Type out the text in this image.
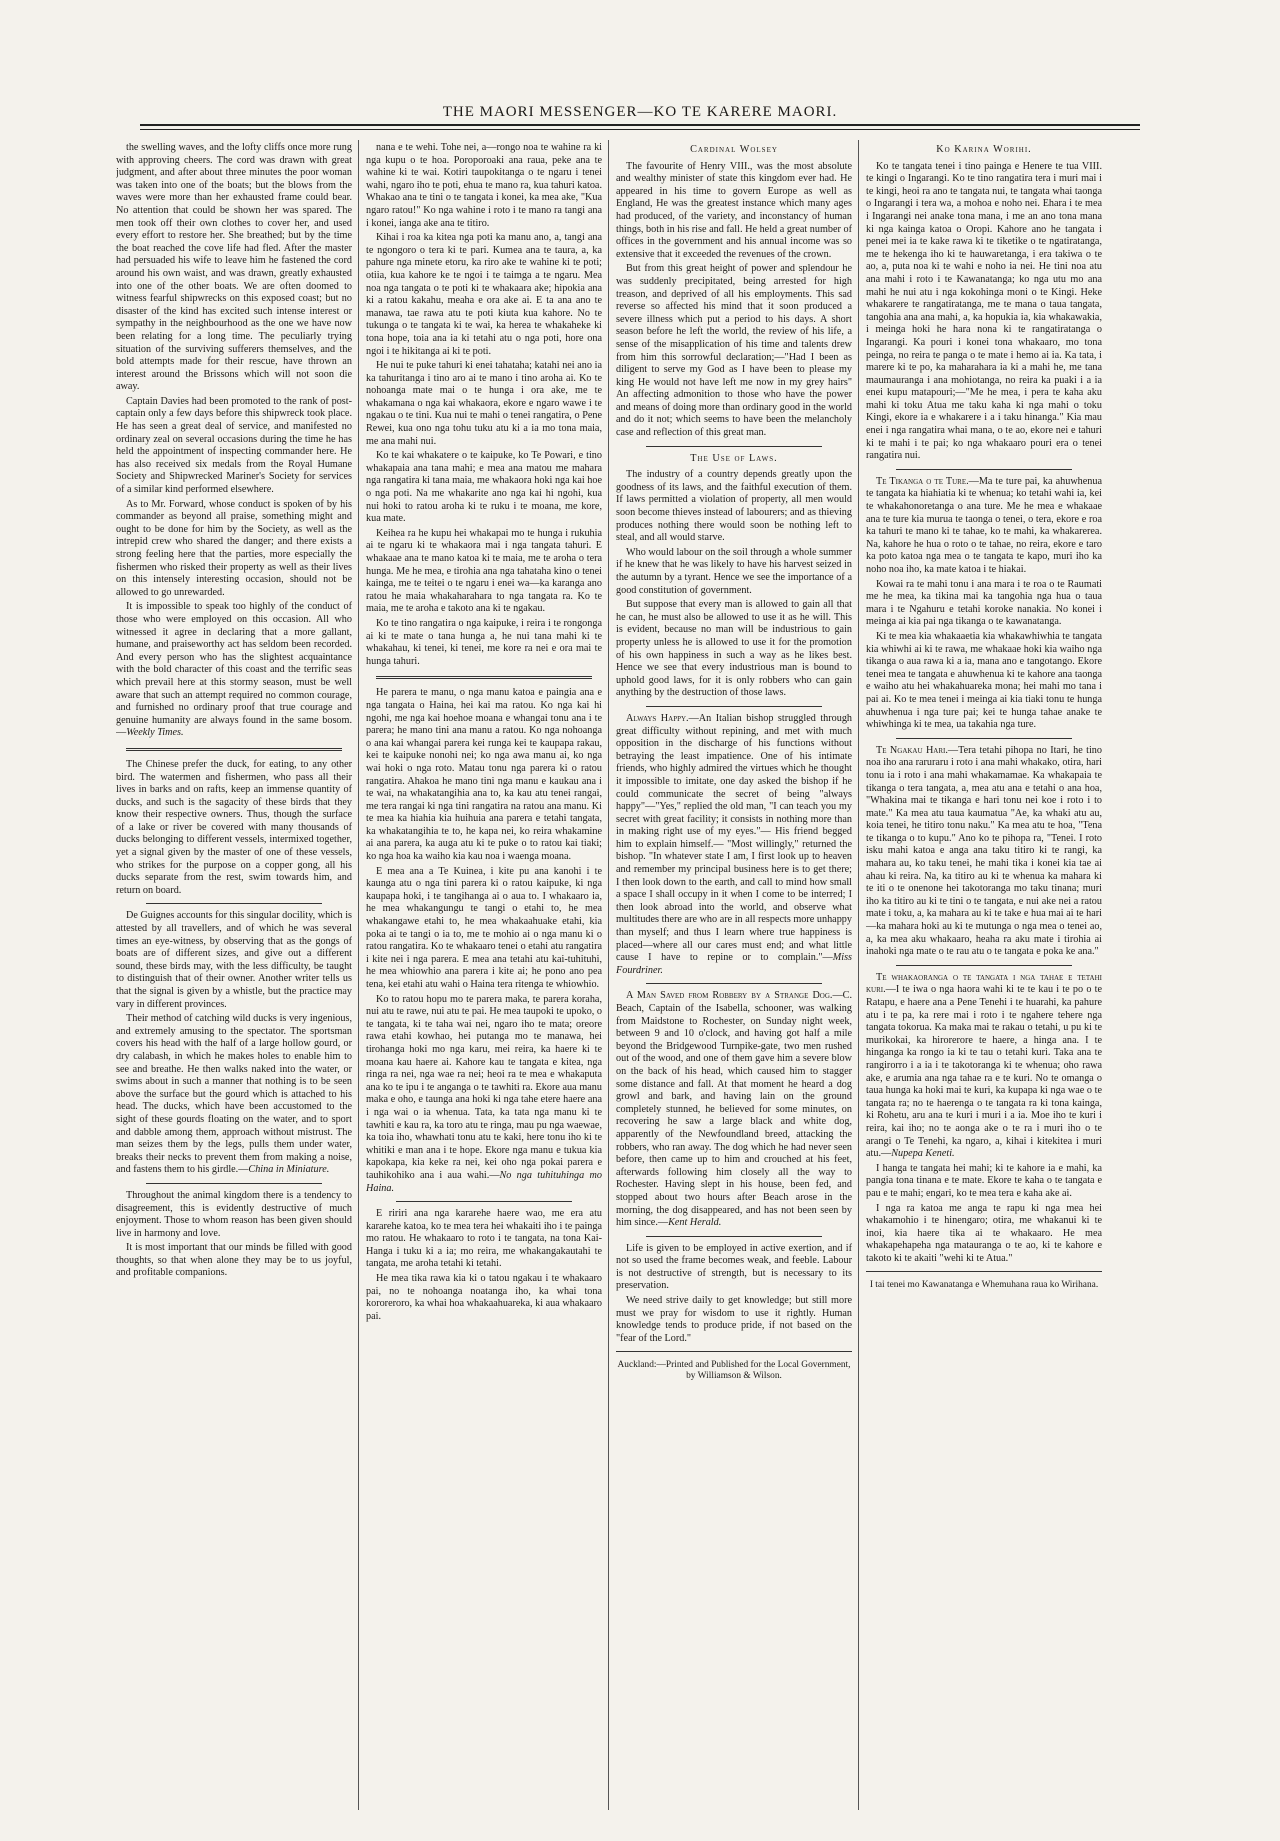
THE MAORI MESSENGER—KO TE KARERE MAORI.

the swelling waves, and the lofty cliffs once more rung with approving cheers. The cord was drawn with great judgment, and after about three minutes the poor woman was taken into one of the boats; but the blows from the waves were more than her exhausted frame could bear. No attention that could be shown her was spared. The men took off their own clothes to cover her, and used every effort to restore her. She breathed; but by the time the boat reached the cove life had fled. After the master had persuaded his wife to leave him he fastened the cord around his own waist, and was drawn, greatly exhausted into one of the other boats. We are often doomed to witness fearful shipwrecks on this exposed coast; but no disaster of the kind has excited such intense interest or sympathy in the neighbourhood as the one we have now been relating for a long time. The peculiarly trying situation of the surviving sufferers themselves, and the bold attempts made for their rescue, have thrown an interest around the Brissons which will not soon die away.

Captain Davies had been promoted to the rank of post-captain only a few days before this shipwreck took place. He has seen a great deal of service, and manifested no ordinary zeal on several occasions during the time he has held the appointment of inspecting commander here. He has also received six medals from the Royal Humane Society and Shipwrecked Mariner's Society for services of a similar kind performed elsewhere.

As to Mr. Forward, whose conduct is spoken of by his commander as beyond all praise, something might and ought to be done for him by the Society, as well as the intrepid crew who shared the danger; and there exists a strong feeling here that the parties, more especially the fishermen who risked their property as well as their lives on this intensely interesting occasion, should not be allowed to go unrewarded.

It is impossible to speak too highly of the conduct of those who were employed on this occasion. All who witnessed it agree in declaring that a more gallant, humane, and praiseworthy act has seldom been recorded. And every person who has the slightest acquaintance with the bold character of this coast and the terrific seas which prevail here at this stormy season, must be well aware that such an attempt required no common courage, and furnished no ordinary proof that true courage and genuine humanity are always found in the same bosom.—Weekly Times.

The Chinese prefer the duck, for eating, to any other bird. The watermen and fishermen, who pass all their lives in barks and on rafts, keep an immense quantity of ducks, and such is the sagacity of these birds that they know their respective owners. Thus, though the surface of a lake or river be covered with many thousands of ducks belonging to different vessels, intermixed together, yet a signal given by the master of one of these vessels, who strikes for the purpose on a copper gong, all his ducks separate from the rest, swim towards him, and return on board.

De Guignes accounts for this singular docility, which is attested by all travellers, and of which he was several times an eye-witness, by observing that as the gongs of boats are of different sizes, and give out a different sound, these birds may, with the less difficulty, be taught to distinguish that of their owner. Another writer tells us that the signal is given by a whistle, but the practice may vary in different provinces.

Their method of catching wild ducks is very ingenious, and extremely amusing to the spectator. The sportsman covers his head with the half of a large hollow gourd, or dry calabash, in which he makes holes to enable him to see and breathe. He then walks naked into the water, or swims about in such a manner that nothing is to be seen above the surface but the gourd which is attached to his head. The ducks, which have been accustomed to the sight of these gourds floating on the water, and to sport and dabble among them, approach without mistrust. The man seizes them by the legs, pulls them under water, breaks their necks to prevent them from making a noise, and fastens them to his girdle.—China in Miniature.

Throughout the animal kingdom there is a tendency to disagreement, this is evidently destructive of much enjoyment. Those to whom reason has been given should live in harmony and love.

It is most important that our minds be filled with good thoughts, so that when alone they may be to us joyful, and profitable companions.

nana e te wehi. Tohe nei, a—rongo noa te wahine ra ki nga kupu o te hoa. Poroporoaki ana raua, peke ana te wahine ki te wai. Kotiri taupokitanga o te ngaru i tenei wahi, ngaro iho te poti, ehua te mano ra, kua tahuri katoa. Whakao ana te tini o te tangata i konei, ka mea ake, "Kua ngaro ratou!" Ko nga wahine i roto i te mano ra tangi ana i konei, ianga ake ana te titiro.

Kihai i roa ka kitea nga poti ka manu ano, a, tangi ana te ngongoro o tera ki te pari. Kumea ana te taura, a, ka pahure nga minete etoru, ka riro ake te wahine ki te poti; otiia, kua kahore ke te ngoi i te taimga a te ngaru. Mea noa nga tangata o te poti ki te whakaara ake; hipokia ana ki a ratou kakahu, meaha e ora ake ai. E ta ana ano te manawa, tae rawa atu te poti kiuta kua kahore. No te tukunga o te tangata ki te wai, ka herea te whakaheke ki tona hope, toia ana ia ki tetahi atu o nga poti, hore ona ngoi i te hikitanga ai ki te poti.

He nui te puke tahuri ki enei tahataha; katahi nei ano ia ka tahuritanga i tino aro ai te mano i tino aroha ai. Ko te nohoanga mate mai o te hunga i ora ake, me te whakamana o nga kai whakaora, ekore e ngaro wawe i te ngakau o te tini. Kua nui te mahi o tenei rangatira, o Pene Rewei, kua ono nga tohu tuku atu ki a ia mo tona maia, me ana mahi nui.

Ko te kai whakatere o te kaipuke, ko Te Powari, e tino whakapaia ana tana mahi; e mea ana matou me mahara nga rangatira ki tana maia, me whakaora hoki nga kai hoe o nga poti. Na me whakarite ano nga kai hi ngohi, kua nui hoki to ratou aroha ki te ruku i te moana, me kore, kua mate.

Keihea ra he kupu hei whakapai mo te hunga i rukuhia ai te ngaru ki te whakaora mai i nga tangata tahuri. E whakaae ana te mano katoa ki te maia, me te aroha o tera hunga. Me he mea, e tirohia ana nga tahataha kino o tenei kainga, me te teitei o te ngaru i enei wa—ka karanga ano ratou he maia whakaharahara to nga tangata ra. Ko te maia, me te aroha e takoto ana ki te ngakau.

Ko te tino rangatira o nga kaipuke, i reira i te rongonga ai ki te mate o tana hunga a, he nui tana mahi ki te whakahau, ki tenei, ki tenei, me kore ra nei e ora mai te hunga tahuri.

He parera te manu, o nga manu katoa e paingia ana e nga tangata o Haina, hei kai ma ratou. Ko nga kai hi ngohi, me nga kai hoehoe moana e whangai tonu ana i te parera; he mano tini ana manu a ratou. Ko nga nohoanga o ana kai whangai parera kei runga kei te kaupapa rakau, kei te kaipuke nonohi nei; ko nga awa manu ai, ko nga wai hoki o nga roto. Matau tonu nga parera ki o ratou rangatira. Ahakoa he mano tini nga manu e kaukau ana i te wai, na whakatangihia ana to, ka kau atu tenei rangai, me tera rangai ki nga tini rangatira na ratou ana manu. Ki te mea ka hiahia kia huihuia ana parera e tetahi tangata, ka whakatangihia te to, he kapa nei, ko reira whakamine ai ana parera, ka auga atu ki te puke o to ratou kai tiaki; ko nga hoa ka waiho kia kau noa i waenga moana.

E mea ana a Te Kuinea, i kite pu ana kanohi i te kaunga atu o nga tini parera ki o ratou kaipuke, ki nga kaupapa hoki, i te tangihanga ai o aua to. I whakaaro ia, he mea whakangungu te tangi o etahi to, he mea whakangawe etahi to, he mea whakaahuake etahi, kia poka ai te tangi o ia to, me te mohio ai o nga manu ki o ratou rangatira. Ko te whakaaro tenei o etahi atu rangatira i kite nei i nga parera. E mea ana tetahi atu kai-tuhituhi, he mea whiowhio ana parera i kite ai; he pono ano pea tena, kei etahi atu wahi o Haina tera ritenga te whiowhio.

Ko to ratou hopu mo te parera maka, te parera koraha, nui atu te rawe, nui atu te pai. He mea taupoki te upoko, o te tangata, ki te taha wai nei, ngaro iho te mata; oreore rawa etahi kowhao, hei putanga mo te manawa, hei tirohanga hoki mo nga karu, mei reira, ka haere ki te moana kau haere ai. Kahore kau te tangata e kitea, nga ringa ra nei, nga wae ra nei; heoi ra te mea e whakaputa ana ko te ipu i te anganga o te tawhiti ra. Ekore aua manu maka e oho, e taunga ana hoki ki nga tahe etere haere ana i nga wai o ia whenua. Tata, ka tata nga manu ki te tawhiti e kau ra, ka toro atu te ringa, mau pu nga waewae, ka toia iho, whawhati tonu atu te kaki, here tonu iho ki te whitiki e man ana i te hope. Ekore nga manu e tukua kia kapokapa, kia keke ra nei, kei oho nga pokai parera e tauhikohiko ana i aua wahi.—No nga tuhituhinga mo Haina.

E ririri ana nga kararehe haere wao, me era atu kararehe katoa, ko te mea tera hei whakaiti iho i te painga mo ratou. He whakaaro to roto i te tangata, na tona Kai-Hanga i tuku ki a ia; mo reira, me whakangakautahi te tangata, me aroha tetahi ki tetahi.

He mea tika rawa kia ki o tatou ngakau i te whakaaro pai, no te nohoanga noatanga iho, ka whai tona kororeroro, ka whai hoa whakaahuareka, ki aua whakaaro pai.

Cardinal Wolsey

The favourite of Henry VIII., was the most absolute and wealthy minister of state this kingdom ever had. He appeared in his time to govern Europe as well as England, He was the greatest instance which many ages had produced, of the variety, and inconstancy of human things, both in his rise and fall. He held a great number of offices in the government and his annual income was so extensive that it exceeded the revenues of the crown.

But from this great height of power and splendour he was suddenly precipitated, being arrested for high treason, and deprived of all his employments. This sad reverse so affected his mind that it soon produced a severe illness which put a period to his days. A short season before he left the world, the review of his life, a sense of the misapplication of his time and talents drew from him this sorrowful declaration;—"Had I been as diligent to serve my God as I have been to please my king He would not have left me now in my grey hairs" An affecting admonition to those who have the power and means of doing more than ordinary good in the world and do it not; which seems to have been the melancholy case and reflection of this great man.

The Use of Laws.

The industry of a country depends greatly upon the goodness of its laws, and the faithful execution of them. If laws permitted a violation of property, all men would soon become thieves instead of labourers; and as thieving produces nothing there would soon be nothing left to steal, and all would starve.

Who would labour on the soil through a whole summer if he knew that he was likely to have his harvest seized in the autumn by a tyrant. Hence we see the importance of a good constitution of government.

But suppose that every man is allowed to gain all that he can, he must also be allowed to use it as he will. This is evident, because no man will be industrious to gain property unless he is allowed to use it for the promotion of his own happiness in such a way as he likes best. Hence we see that every industrious man is bound to uphold good laws, for it is only robbers who can gain anything by the destruction of those laws.

Always Happy.—An Italian bishop struggled through great difficulty without repining, and met with much opposition in the discharge of his functions without betraying the least impatience. One of his intimate friends, who highly admired the virtues which he thought it impossible to imitate, one day asked the bishop if he could communicate the secret of being "always happy"—"Yes," replied the old man, "I can teach you my secret with great facility; it consists in nothing more than in making right use of my eyes."— His friend begged him to explain himself.— "Most willingly," returned the bishop. "In whatever state I am, I first look up to heaven and remember my principal business here is to get there; I then look down to the earth, and call to mind how small a space I shall occupy in it when I come to be interred; I then look abroad into the world, and observe what multitudes there are who are in all respects more unhappy than myself; and thus I learn where true happiness is placed—where all our cares must end; and what little cause I have to repine or to complain."—Miss Fourdriner.

A Man Saved from Robbery by a Strange Dog.—C. Beach, Captain of the Isabella, schooner, was walking from Maidstone to Rochester, on Sunday night week, between 9 and 10 o'clock, and having got half a mile beyond the Bridgewood Turnpike-gate, two men rushed out of the wood, and one of them gave him a severe blow on the back of his head, which caused him to stagger some distance and fall. At that moment he heard a dog growl and bark, and having lain on the ground completely stunned, he believed for some minutes, on recovering he saw a large black and white dog, apparently of the Newfoundland breed, attacking the robbers, who ran away. The dog which he had never seen before, then came up to him and crouched at his feet, afterwards following him closely all the way to Rochester. Having slept in his house, been fed, and stopped about two hours after Beach arose in the morning, the dog disappeared, and has not been seen by him since.—Kent Herald.

Life is given to be employed in active exertion, and if not so used the frame becomes weak, and feeble. Labour is not destructive of strength, but is necessary to its preservation.

We need strive daily to get knowledge; but still more must we pray for wisdom to use it rightly. Human knowledge tends to produce pride, if not based on the "fear of the Lord."

Auckland:—Printed and Published for the Local Government, by Williamson & Wilson.
Ko Karina Worihi.

Ko te tangata tenei i tino painga e Henere te tua VIII. te kingi o Ingarangi. Ko te tino rangatira tera i muri mai i te kingi, heoi ra ano te tangata nui, te tangata whai taonga o Ingarangi i tera wa, a mohoa e noho nei. Ehara i te mea i Ingarangi nei anake tona mana, i me an ano tona mana ki nga kainga katoa o Oropi. Kahore ano he tangata i penei mei ia te kake rawa ki te tiketike o te ngatiratanga, me te hekenga iho ki te hauwaretanga, i era takiwa o te ao, a, puta noa ki te wahi e noho ia nei. He tini noa atu ana mahi i roto i te Kawanatanga; ko nga utu mo ana mahi he nui atu i nga kokohinga moni o te Kingi. Heke whakarere te rangatiratanga, me te mana o taua tangata, tangohia ana ana mahi, a, ka hopukia ia, kia whakawakia, i meinga hoki he hara nona ki te rangatiratanga o Ingarangi. Ka pouri i konei tona whakaaro, mo tona peinga, no reira te panga o te mate i hemo ai ia. Ka tata, i marere ki te po, ka maharahara ia ki a mahi he, me tana maumauranga i ana mohiotanga, no reira ka puaki i a ia enei kupu matapouri;—"Me he mea, i pera te kaha aku mahi ki toku Atua me taku kaha ki nga mahi o toku Kingi, ekore ia e whakarere i a i taku hinanga." Kia mau enei i nga rangatira whai mana, o te ao, ekore nei e tahuri ki te mahi i te pai; ko nga whakaaro pouri era o tenei rangatira nui.

Te Tikanga o te Ture.—Ma te ture pai, ka ahuwhenua te tangata ka hiahiatia ki te whenua; ko tetahi wahi ia, kei te whakahonoretanga o ana ture. Me he mea e whakaae ana te ture kia murua te taonga o tenei, o tera, ekore e roa ka tahuri te mano ki te tahae, ko te mahi, ka whakarerea. Na, kahore he hua o roto o te tahae, no reira, ekore e taro ka poto katoa nga mea o te tangata te kapo, muri iho ka noho noa iho, ka mate katoa i te hiakai.

Kowai ra te mahi tonu i ana mara i te roa o te Raumati me he mea, ka tikina mai ka tangohia nga hua o taua mara i te Ngahuru e tetahi koroke nanakia. No konei i meinga ai kia pai nga tikanga o te kawanatanga.

Ki te mea kia whakaaetia kia whakawhiwhia te tangata kia whiwhi ai ki te rawa, me whakaae hoki kia waiho nga tikanga o aua rawa ki a ia, mana ano e tangotango. Ekore tenei mea te tangata e ahuwhenua ki te kahore ana taonga e waiho atu hei whakahuareka mona; hei mahi mo tana i pai ai. Ko te mea tenei i meinga ai kia tiaki tonu te hunga ahuwhenua i nga ture pai; kei te hunga tahae anake te whiwhinga ki te mea, ua takahia nga ture.

Te Ngakau Hari.—Tera tetahi pihopa no Itari, he tino noa iho ana raruraru i roto i ana mahi whakako, otira, hari tonu ia i roto i ana mahi whakamamae. Ka whakapaia te tikanga o tera tangata, a, mea atu ana e tetahi o ana hoa, "Whakina mai te tikanga e hari tonu nei koe i roto i to mate." Ka mea atu taua kaumatua "Ae, ka whaki atu au, koia tenei, he titiro tonu naku." Ka mea atu te hoa, "Tena te tikanga o to kupu." Ano ko te pihopa ra, "Tenei. I roto isku mahi katoa e anga ana taku titiro ki te rangi, ka mahara au, ko taku tenei, he mahi tika i konei kia tae ai ahau ki reira. Na, ka titiro au ki te whenua ka mahara ki te iti o te onenone hei takotoranga mo taku tinana; muri iho ka titiro au ki te tini o te tangata, e nui ake nei a ratou mate i toku, a, ka mahara au ki te take e hua mai ai te hari—ka mahara hoki au ki te mutunga o nga mea o tenei ao, a, ka mea aku whakaaro, heaha ra aku mate i tirohia ai inahoki nga mate o te rau atu o te tangata e poka ke ana."

Te whakaoranga o te tangata i nga tahae e tetahi kuri.—I te iwa o nga haora wahi ki te te kau i te po o te Ratapu, e haere ana a Pene Tenehi i te huarahi, ka pahure atu i te pa, ka rere mai i roto i te ngahere tehere nga tangata tokorua. Ka maka mai te rakau o tetahi, u pu ki te murikokai, ka hirorerore te haere, a hinga ana. I te hinganga ka rongo ia ki te tau o tetahi kuri. Taka ana te rangirorro i a ia i te takotoranga ki te whenua; oho rawa ake, e arumia ana nga tahae ra e te kuri. No te omanga o taua hunga ka hoki mai te kuri, ka kupapa ki nga wae o te tangata ra; no te haerenga o te tangata ra ki tona kainga, ki Rohetu, aru ana te kuri i muri i a ia. Moe iho te kuri i reira, kai iho; no te aonga ake o te ra i muri iho o te arangi o Te Tenehi, ka ngaro, a, kihai i kitekitea i muri atu.—Nupepa Keneti.

I hanga te tangata hei mahi; ki te kahore ia e mahi, ka pangia tona tinana e te mate. Ekore te kaha o te tangata e pau e te mahi; engari, ko te mea tera e kaha ake ai.

I nga ra katoa me anga te rapu ki nga mea hei whakamohio i te hinengaro; otira, me whakanui ki te inoi, kia haere tika ai te whakaaro. He mea whakapehapeha nga matauranga o te ao, ki te kahore e takoto ki te akaiti "wehi ki te Atua."

I tai tenei mo Kawanatanga e Whemuhana raua ko Wirihana.
